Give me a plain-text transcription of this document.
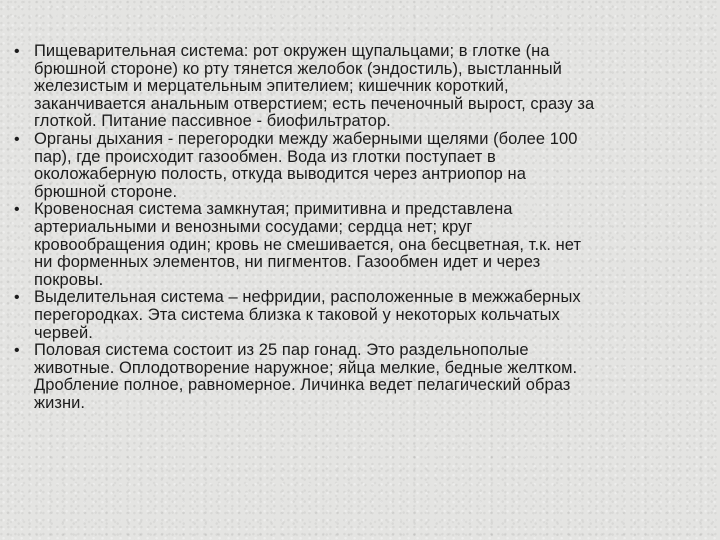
• Пищеварительная система: рот окружен щупальцами; в глотке (на
брюшной стороне) ко рту тянется желобок (эндостиль), выстланный
железистым и мерцательным эпителием; кишечник короткий,
заканчивается анальным отверстием; есть печеночный вырост, сразу за
глоткой. Питание пассивное - биофильтратор.
• Органы дыхания - перегородки между жаберными щелями (более 100
пар), где происходит газообмен. Вода из глотки поступает в
околожаберную полость, откуда выводится через антриопор на
брюшной стороне.
• Кровеносная система замкнутая; примитивна и представлена
артериальными и венозными сосудами; сердца нет; круг
кровообращения один; кровь не смешивается, она бесцветная, т.к. нет
ни форменных элементов, ни пигментов. Газообмен идет и через
покровы.
• Выделительная система – нефридии, расположенные в межжаберных
перегородках. Эта система близка к таковой у некоторых кольчатых
червей.
• Половая система состоит из 25 пар гонад. Это раздельнополые
животные. Оплодотворение наружное; яйца мелкие, бедные желтком.
Дробление полное, равномерное. Личинка ведет пелагический образ
жизни.
